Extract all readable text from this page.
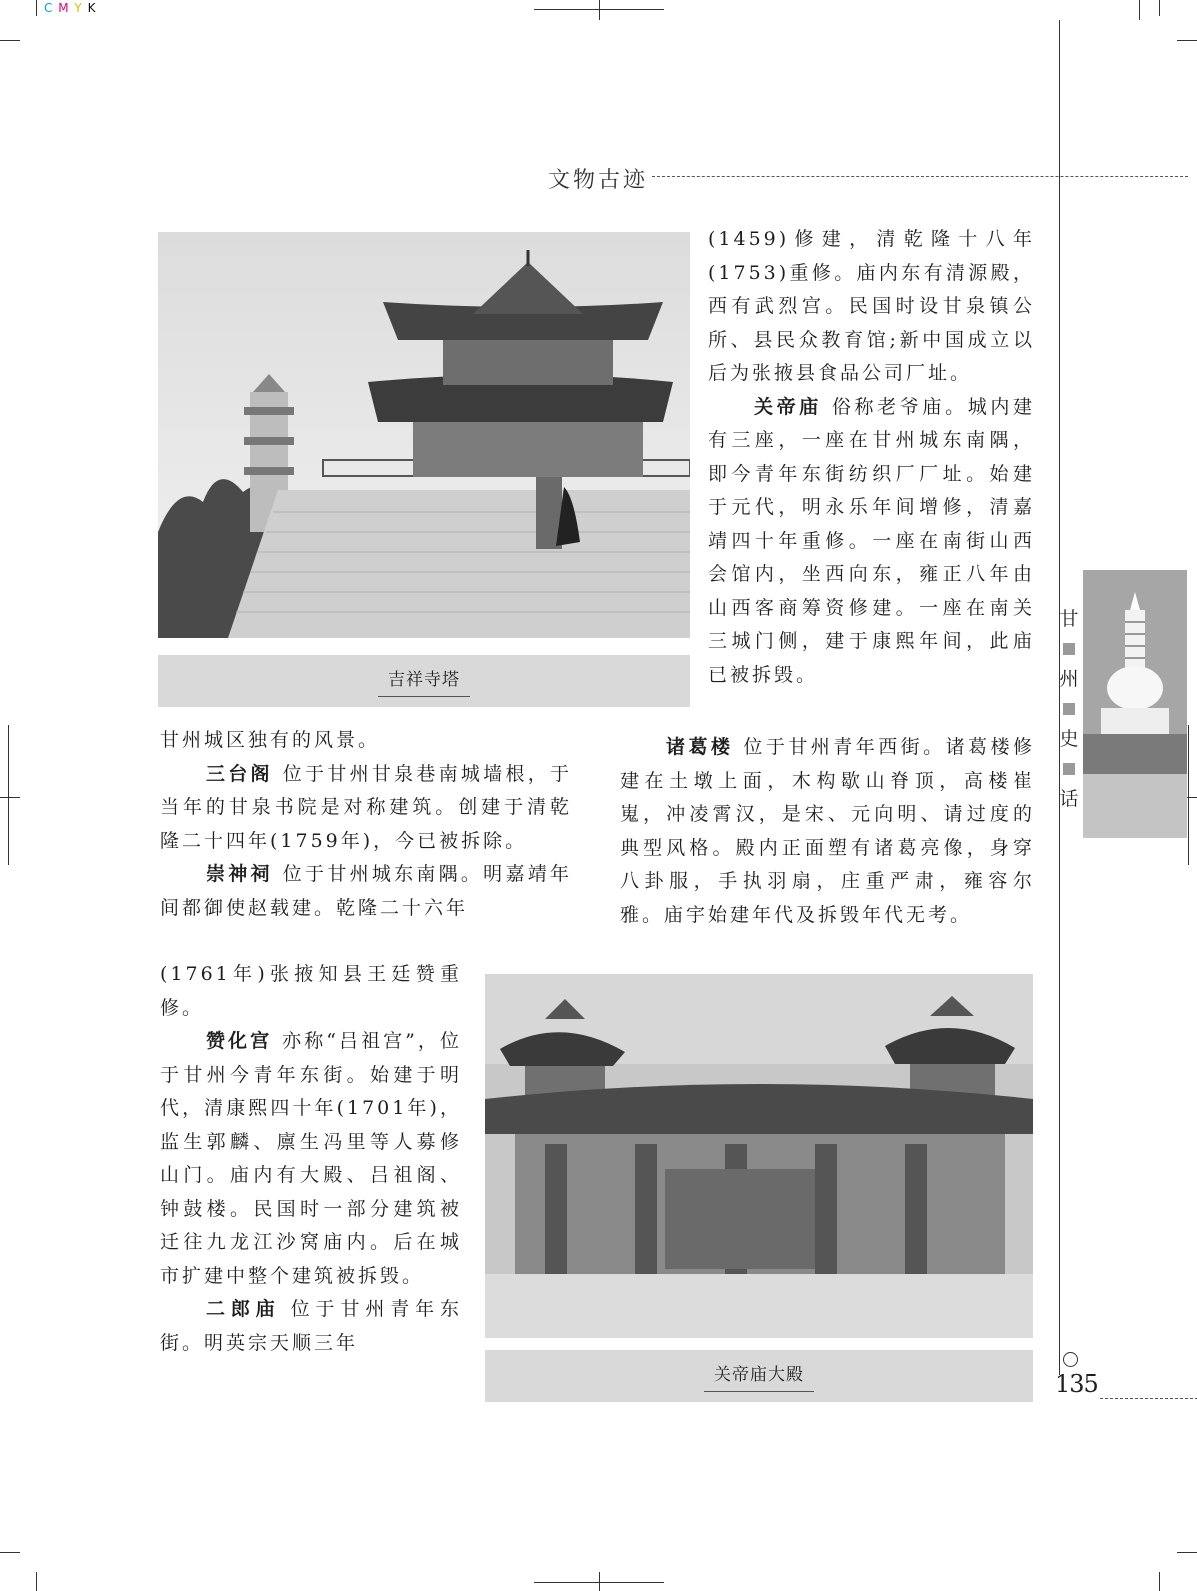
C M Y K
文物古迹
吉祥寺塔

(1459)修建，清乾隆十八年(1753)重修。庙内东有清源殿，西有武烈宫。民国时设甘泉镇公所、县民众教育馆;新中国成立以后为张掖县食品公司厂址。

关帝庙 俗称老爷庙。城内建有三座，一座在甘州城东南隅，即今青年东街纺织厂厂址。始建于元代，明永乐年间增修，清嘉靖四十年重修。一座在南街山西会馆内，坐西向东，雍正八年由山西客商筹资修建。一座在南关三城门侧，建于康熙年间，此庙已被拆毁。

甘州城区独有的风景。

三台阁 位于甘州甘泉巷南城墙根，于当年的甘泉书院是对称建筑。创建于清乾隆二十四年(1759年)，今已被拆除。

崇神祠 位于甘州城东南隅。明嘉靖年间都御使赵载建。乾隆二十六年

(1761年)张掖知县王廷赞重修。

赞化宫 亦称“吕祖宫”，位于甘州今青年东街。始建于明代，清康熙四十年(1701年)，监生郭麟、廪生冯里等人募修山门。庙内有大殿、吕祖阁、钟鼓楼。民国时一部分建筑被迁往九龙江沙窝庙内。后在城市扩建中整个建筑被拆毁。

二郎庙 位于甘州青年东街。明英宗天顺三年

诸葛楼 位于甘州青年西街。诸葛楼修建在土墩上面，木构歇山脊顶，高楼崔嵬，冲凌霄汉，是宋、元向明、请过度的典型风格。殿内正面塑有诸葛亮像，身穿八卦服，手执羽扇，庄重严肃，雍容尔雅。庙宇始建年代及拆毁年代无考。

关帝庙大殿
甘
州
史
话
135
